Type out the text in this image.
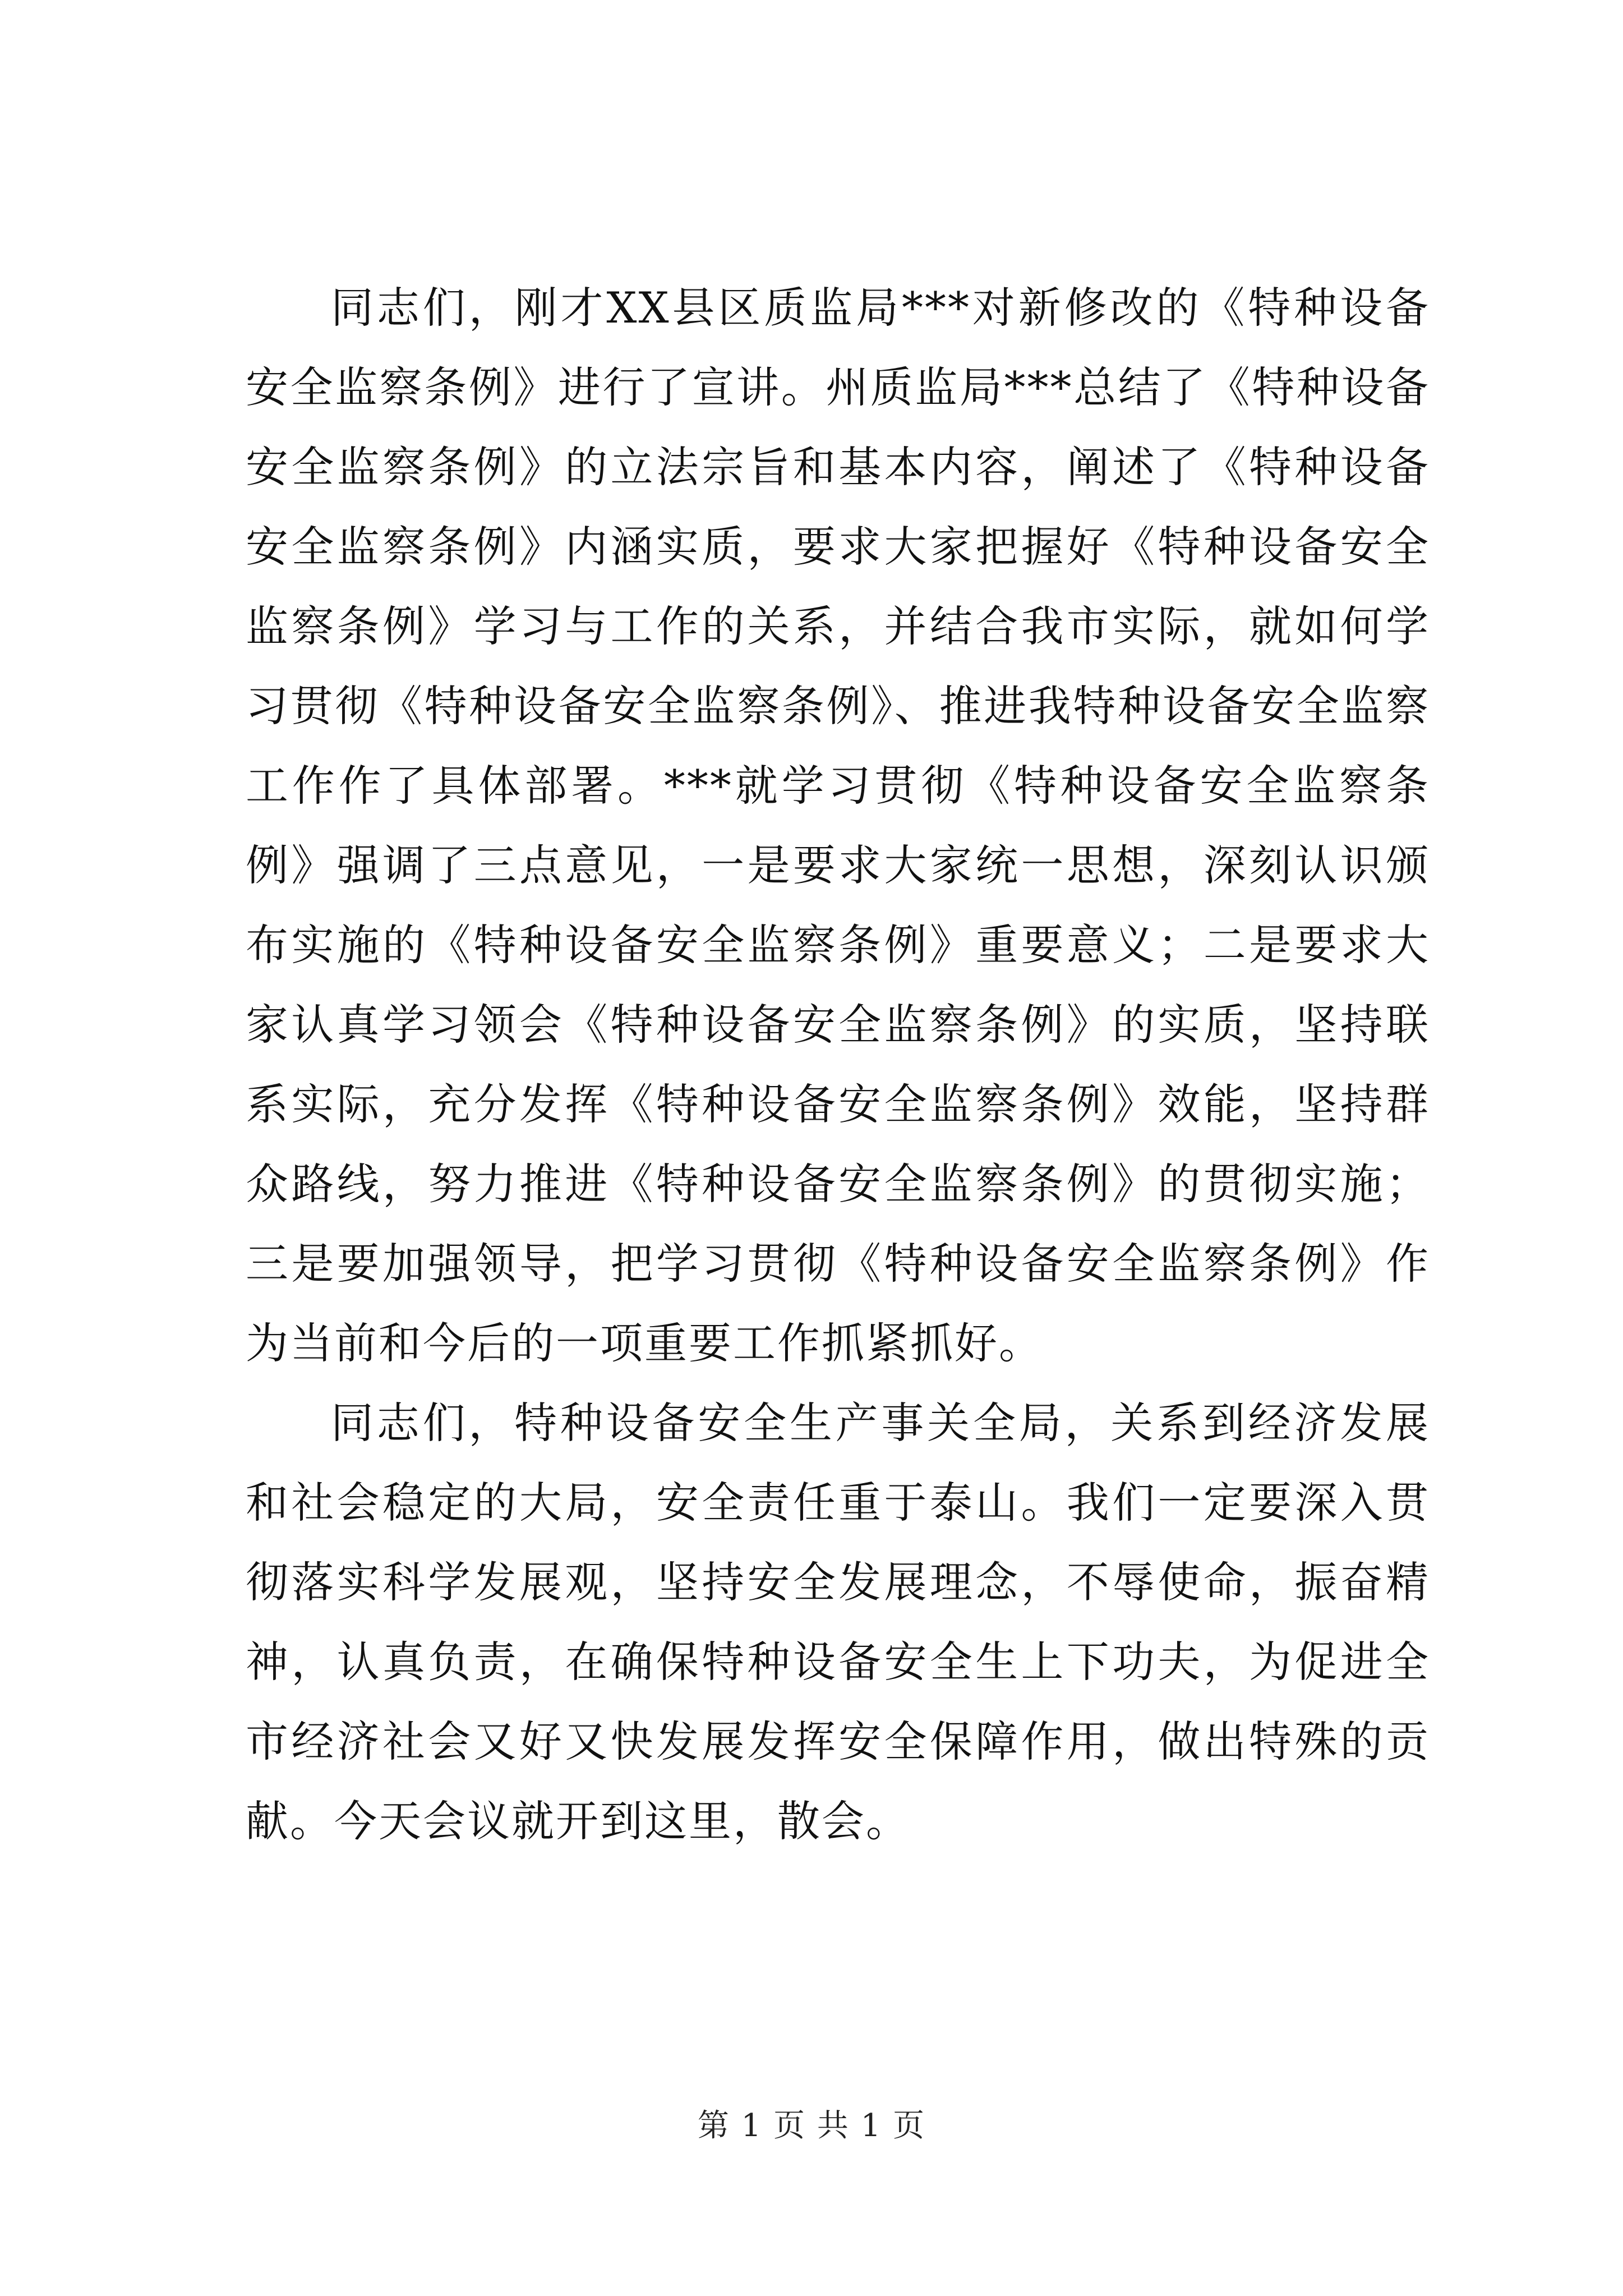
同志们，刚才XX县区质监局***对新修改的《特种设备安全监察条例》进行了宣讲。州质监局***总结了《特种设备安全监察条例》的立法宗旨和基本内容，阐述了《特种设备安全监察条例》内涵实质，要求大家把握好《特种设备安全监察条例》学习与工作的关系，并结合我市实际，就如何学习贯彻《特种设备安全监察条例》、推进我特种设备安全监察工作作了具体部署。***就学习贯彻《特种设备安全监察条例》强调了三点意见，一是要求大家统一思想，深刻认识颁布实施的《特种设备安全监察条例》重要意义；二是要求大家认真学习领会《特种设备安全监察条例》的实质，坚持联系实际，充分发挥《特种设备安全监察条例》效能，坚持群众路线，努力推进《特种设备安全监察条例》的贯彻实施；三是要加强领导，把学习贯彻《特种设备安全监察条例》作为当前和今后的一项重要工作抓紧抓好。

同志们，特种设备安全生产事关全局，关系到经济发展和社会稳定的大局，安全责任重于泰山。我们一定要深入贯彻落实科学发展观，坚持安全发展理念，不辱使命，振奋精神，认真负责，在确保特种设备安全生上下功夫，为促进全市经济社会又好又快发展发挥安全保障作用，做出特殊的贡献。今天会议就开到这里，散会。

第 1 页 共 1 页
